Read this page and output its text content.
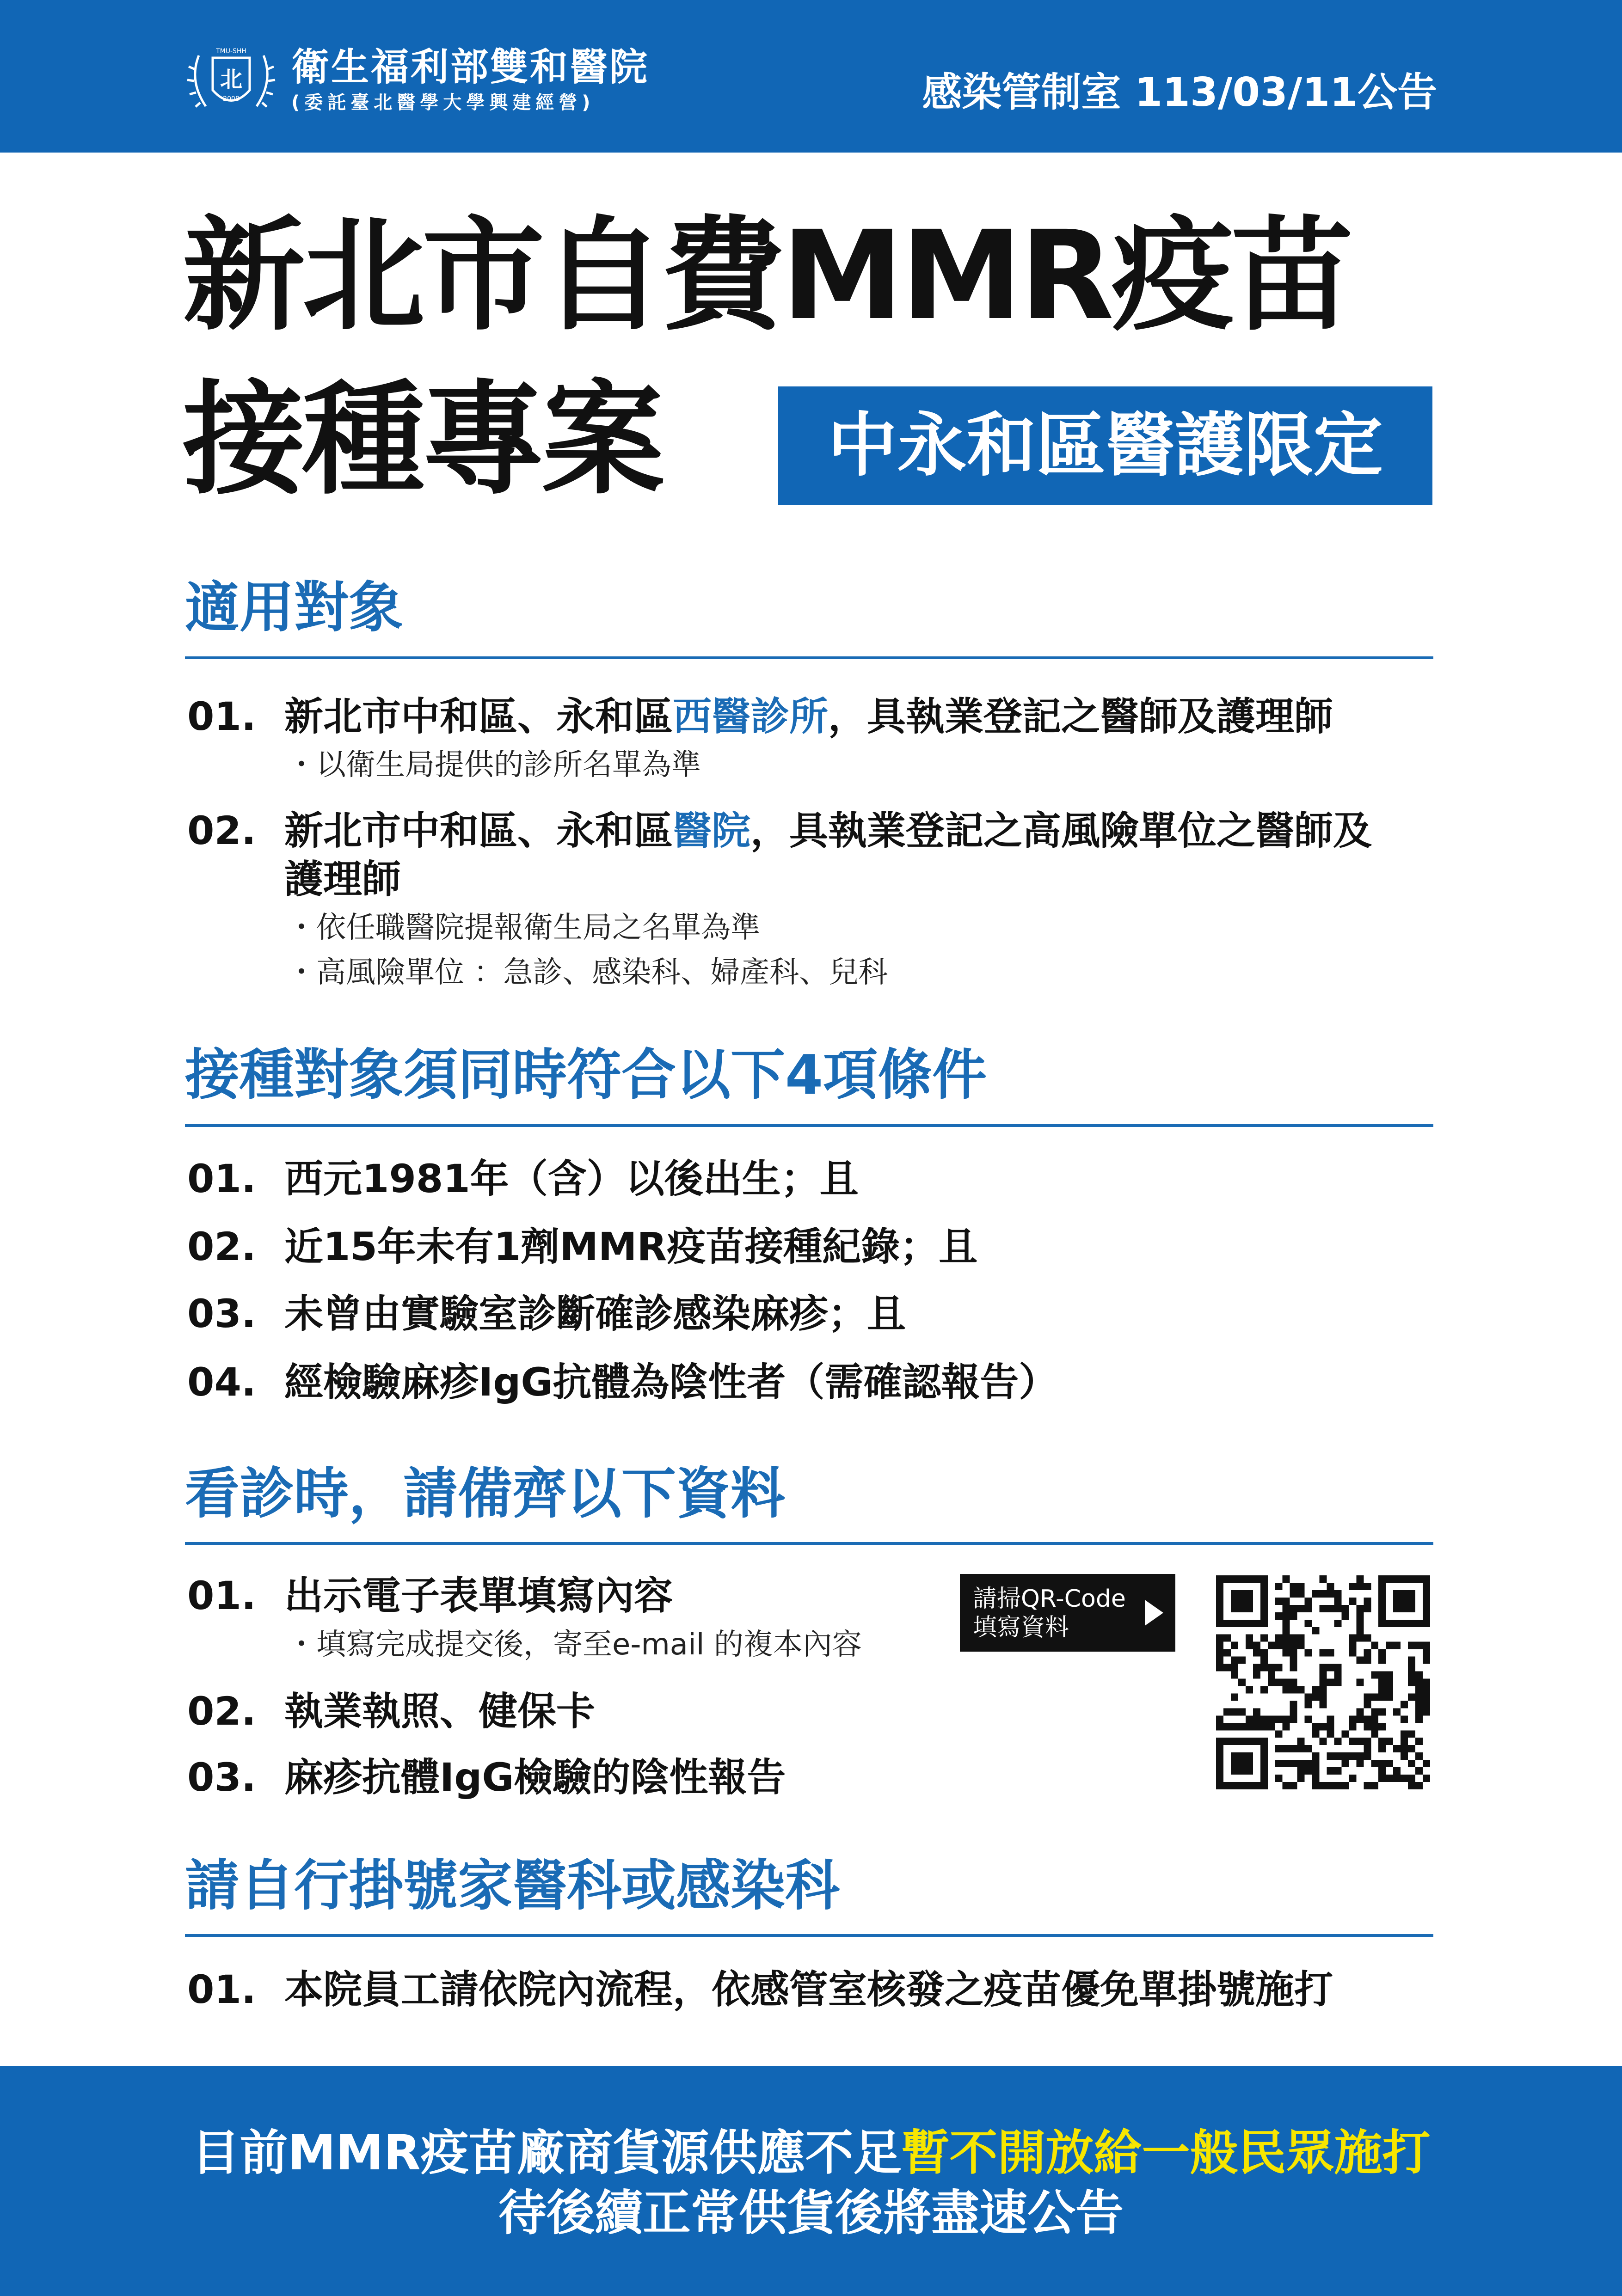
TMU-SHH
北
2008
衛生福利部雙和醫院
(委託臺北醫學大學興建經營)	感染管制室 113/03/11公告
新北市自費MMR疫苗
接種專案	中永和區醫護限定
適用對象
01. 新北市中和區、永和區西醫診所，具執業登記之醫師及護理師
・以衛生局提供的診所名單為準
02. 新北市中和區、永和區醫院，具執業登記之高風險單位之醫師及
護理師
・依任職醫院提報衛生局之名單為準
・高風險單位 ：急診、感染科、婦產科、兒科
接種對象須同時符合以下4項條件
01. 西元1981年（含）以後出生；且
02. 近15年未有1劑MMR疫苗接種紀錄；且
03. 未曾由實驗室診斷確診感染麻疹；且
04. 經檢驗麻疹IgG抗體為陰性者（需確認報告）
看診時，請備齊以下資料
01. 出示電子表單填寫內容
・填寫完成提交後，寄至e-mail 的複本內容
02. 執業執照、健保卡
03. 麻疹抗體IgG檢驗的陰性報告
請掃QR-Code
填寫資料
請自行掛號家醫科或感染科
01. 本院員工請依院內流程，依感管室核發之疫苗優免單掛號施打
目前MMR疫苗廠商貨源供應不足暫不開放給一般民眾施打
待後續正常供貨後將盡速公告
